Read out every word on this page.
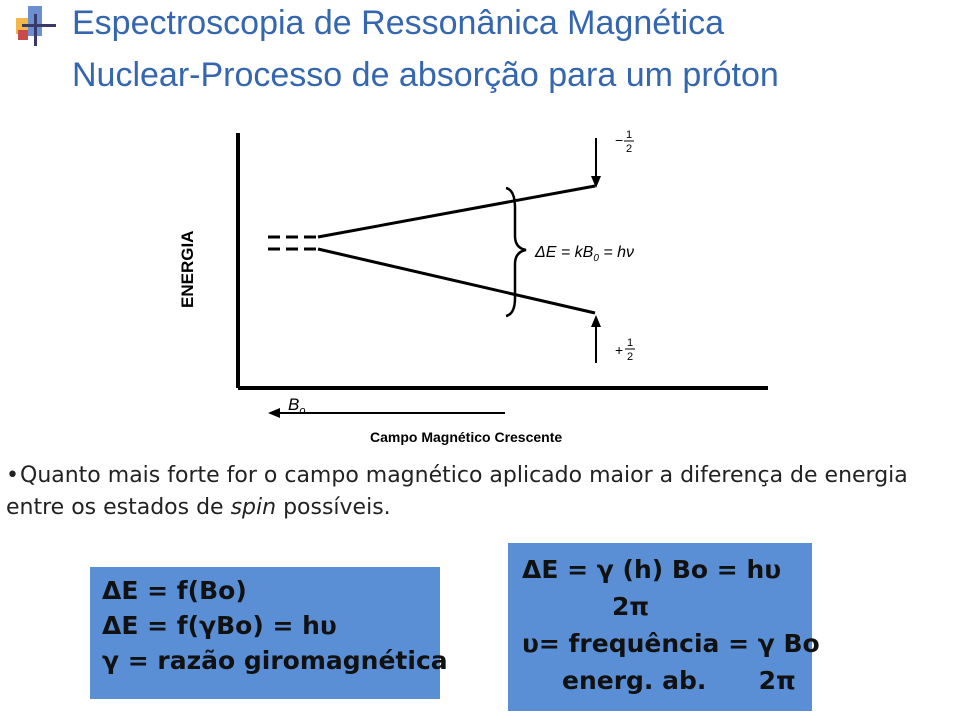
Espectroscopia de Ressonânica Magnética
Nuclear-Processo de absorção para um próton
ENERGIA
$B_o$
Campo Magnético Crescente
− 1
2
+ 1
2
$\Delta E = kB_0 = h\nu$
•Quanto mais forte for o campo magnético aplicado maior a diferença de energia entre os estados de spin possíveis.
ΔE = f(Bo)
ΔE = f(γBo) = hυ
γ = razão giromagnética
ΔE = γ (h) Bo = hυ
2π
υ= frequência = γ Bo
energ. ab.      2π
